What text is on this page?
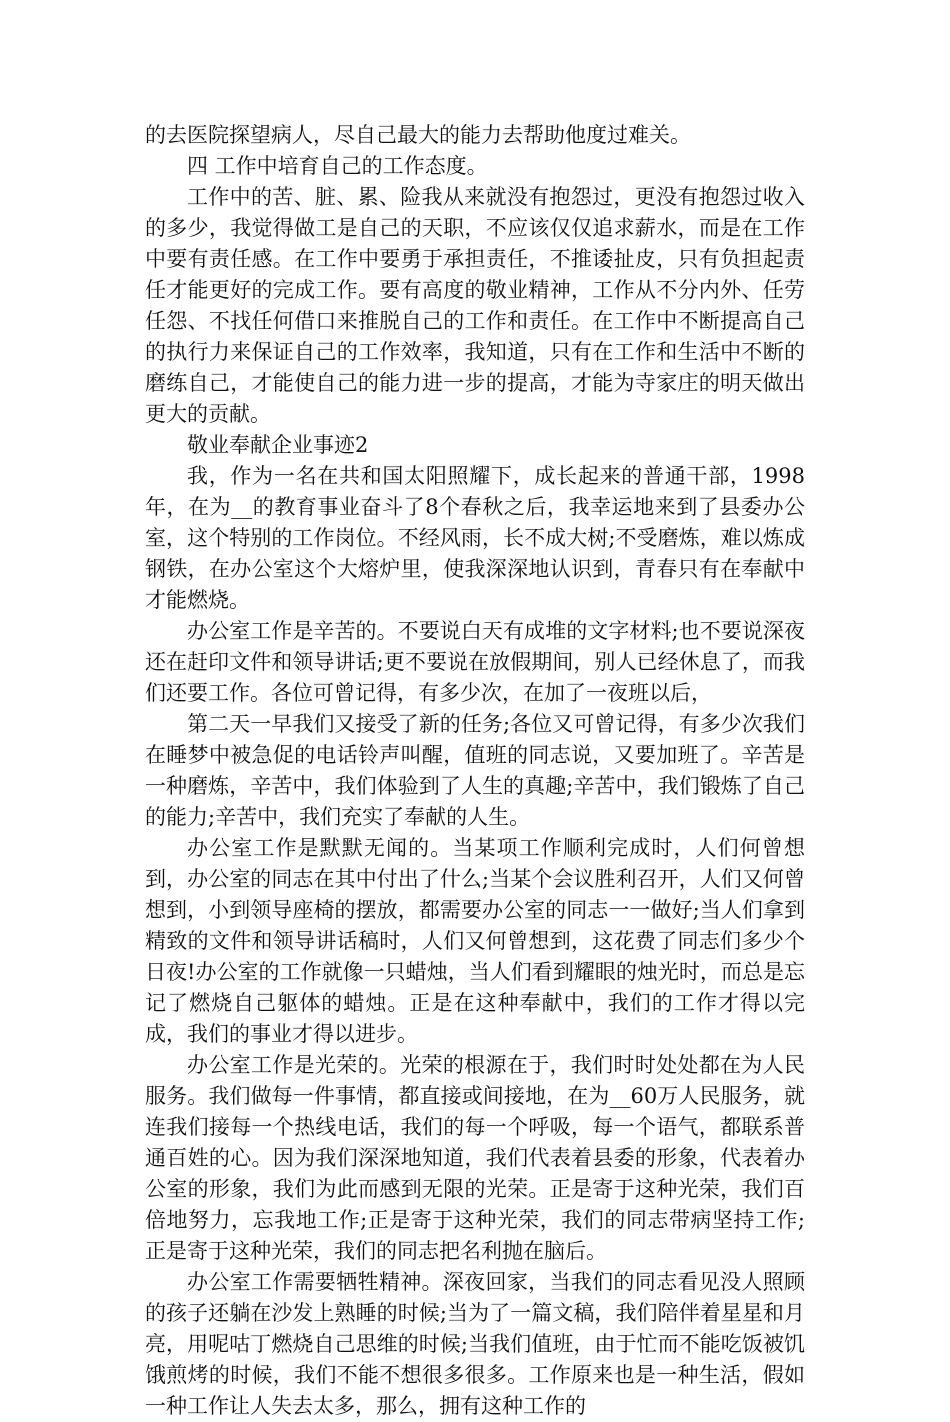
的去医院探望病人，尽自己最大的能力去帮助他度过难关。

四 工作中培育自己的工作态度。

工作中的苦、脏、累、险我从来就没有抱怨过，更没有抱怨过收入的多少，我觉得做工是自己的天职，不应该仅仅追求薪水，而是在工作中要有责任感。在工作中要勇于承担责任，不推诿扯皮，只有负担起责任才能更好的完成工作。要有高度的敬业精神，工作从不分内外、任劳任怨、不找任何借口来推脱自己的工作和责任。在工作中不断提高自己的执行力来保证自己的工作效率，我知道，只有在工作和生活中不断的磨练自己，才能使自己的能力进一步的提高，才能为寺家庄的明天做出更大的贡献。

敬业奉献企业事迹2

我，作为一名在共和国太阳照耀下，成长起来的普通干部，1998年，在为__的教育事业奋斗了8个春秋之后，我幸运地来到了县委办公室，这个特别的工作岗位。不经风雨，长不成大树;不受磨炼，难以炼成钢铁，在办公室这个大熔炉里，使我深深地认识到，青春只有在奉献中才能燃烧。

办公室工作是辛苦的。不要说白天有成堆的文字材料;也不要说深夜还在赶印文件和领导讲话;更不要说在放假期间，别人已经休息了，而我们还要工作。各位可曾记得，有多少次，在加了一夜班以后，

第二天一早我们又接受了新的任务;各位又可曾记得，有多少次我们在睡梦中被急促的电话铃声叫醒，值班的同志说，又要加班了。辛苦是一种磨炼，辛苦中，我们体验到了人生的真趣;辛苦中，我们锻炼了自己的能力;辛苦中，我们充实了奉献的人生。

办公室工作是默默无闻的。当某项工作顺利完成时，人们何曾想到，办公室的同志在其中付出了什么;当某个会议胜利召开，人们又何曾想到，小到领导座椅的摆放，都需要办公室的同志一一做好;当人们拿到精致的文件和领导讲话稿时，人们又何曾想到，这花费了同志们多少个日夜!办公室的工作就像一只蜡烛，当人们看到耀眼的烛光时，而总是忘记了燃烧自己躯体的蜡烛。正是在这种奉献中，我们的工作才得以完成，我们的事业才得以进步。

办公室工作是光荣的。光荣的根源在于，我们时时处处都在为人民服务。我们做每一件事情，都直接或间接地，在为__60万人民服务，就连我们接每一个热线电话，我们的每一个呼吸，每一个语气，都联系普通百姓的心。因为我们深深地知道，我们代表着县委的形象，代表着办公室的形象，我们为此而感到无限的光荣。正是寄于这种光荣，我们百倍地努力，忘我地工作;正是寄于这种光荣，我们的同志带病坚持工作;正是寄于这种光荣，我们的同志把名利抛在脑后。

办公室工作需要牺牲精神。深夜回家，当我们的同志看见没人照顾的孩子还躺在沙发上熟睡的时候;当为了一篇文稿，我们陪伴着星星和月亮，用呢咕丁燃烧自己思维的时候;当我们值班，由于忙而不能吃饭被饥饿煎烤的时候，我们不能不想很多很多。工作原来也是一种生活，假如一种工作让人失去太多，那么，拥有这种工作的
